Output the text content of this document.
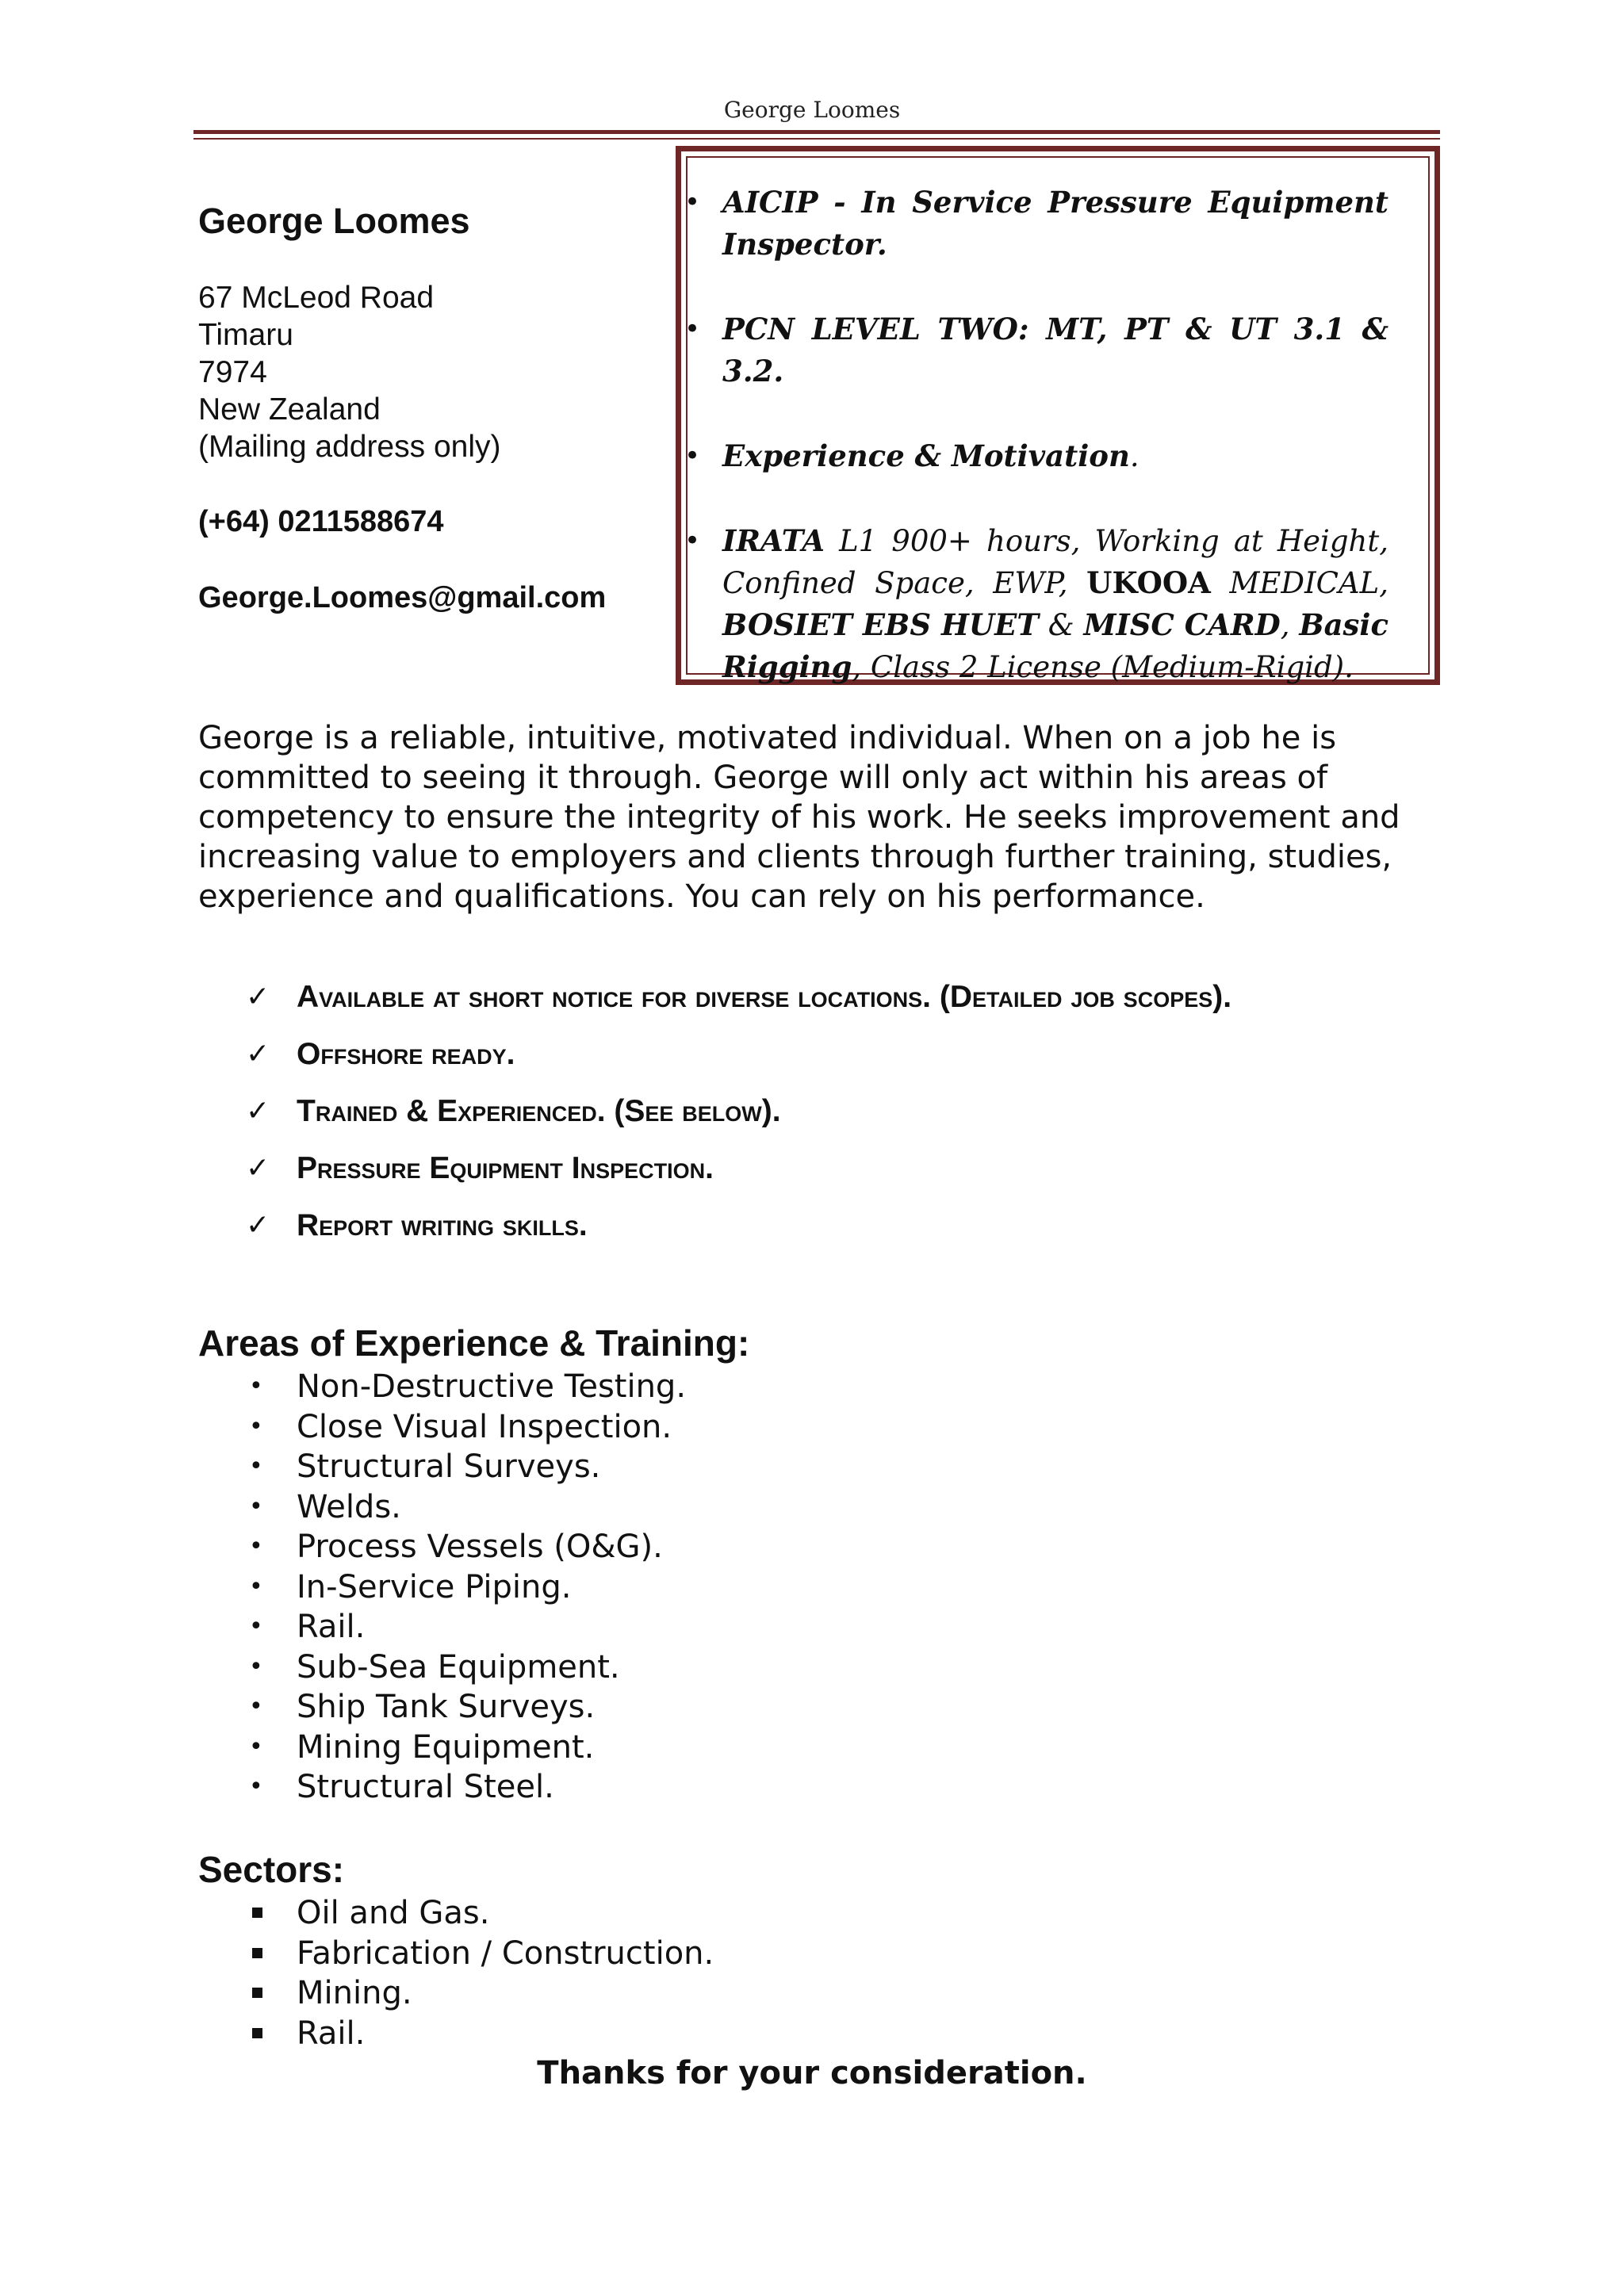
George Loomes
George Loomes
67 McLeod Road
Timaru
7974
New Zealand
(Mailing address only)
(+64) 0211588674
George.Loomes@gmail.com
• AICIP - In Service Pressure Equipment Inspector.
• PCN LEVEL TWO: MT, PT & UT 3.1 & 3.2.
• Experience & Motivation.
• IRATA L1 900+ hours, Working at Height, Confined Space, EWP, UKOOA MEDICAL, BOSIET EBS HUET & MISC CARD, Basic Rigging, Class 2 License (Medium-Rigid).
George is a reliable, intuitive, motivated individual. When on a job he is committed to seeing it through. George will only act within his areas of competency to ensure the integrity of his work. He seeks improvement and increasing value to employers and clients through further training, studies, experience and qualifications. You can rely on his performance.
✓ Available at short notice for diverse locations. (Detailed job scopes).
✓ Offshore ready.
✓ Trained & Experienced. (See below).
✓ Pressure Equipment Inspection.
✓ Report writing skills.
Areas of Experience & Training:
• Non-Destructive Testing.
• Close Visual Inspection.
• Structural Surveys.
• Welds.
• Process Vessels (O&G).
• In-Service Piping.
• Rail.
• Sub-Sea Equipment.
• Ship Tank Surveys.
• Mining Equipment.
• Structural Steel.
Sectors:
Oil and Gas.
Fabrication / Construction.
Mining.
Rail.
Thanks for your consideration.
